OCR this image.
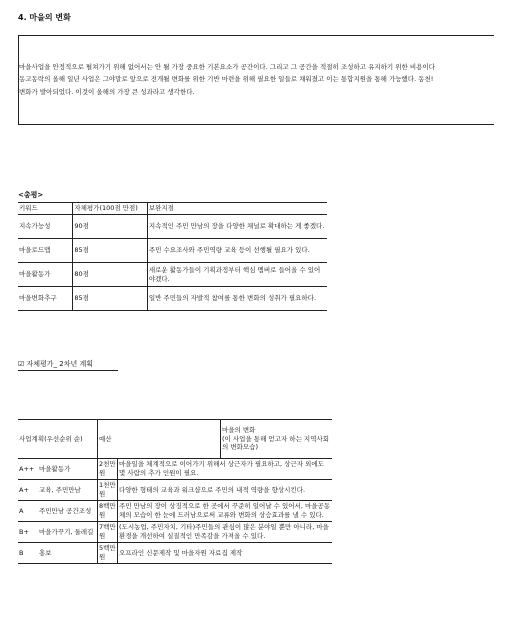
4. 마을의 변화
마을사업을 안정적으로 펼쳐가기 위해 없어서는 안 될 가장 중요한 기본요소가 공간이다. 그리고 그 공간을 적절히 조성하고 유지하기 위한 비용이다
동고동락의 올해 일년 사업은 그야말로 앞으로 전개될 변화를 위한 기반 마련을 위해 필요한 일들로 채워졌고 이는 통합지원을 통해 가능했다. 동천!
변화가 발아되었다. 이것이 올해의 가장 큰 성과라고 생각한다.
<총평>
키워드	자체평가(100점 만점)	보완지점
지속가능성	90점	지속적인 주민 만남의 장을 다양한 채널로 확대하는 게 좋겠다.
마을로드맵	85점	주민 수요조사와 주민역량 교육 등이 선행될 필요가 있다.
마을활동가	80점	새로운 활동가들이 기획과정부터 핵심 멤버로 들어올 수 있어야겠다.
마을변화추구	85점	일반 주민들의 자발적 참여를 통한 변화의 성취가 필요하다.
☑ 자체평가_ 2차년 계획
사업계획(우선순위 순)		예산		마을의 변화
(이 사업을 통해 얻고자 하는 지역사회의 변화모습)
A++	마을활동가	2천만원	마을일을 체계적으로 이어가기 위해서 상근자가 필요하고, 상근자 외에도 몇 사람의 추가 인원이 필요.	
A+	교육, 주민만남	1천만원	다양한 형태의 교육과 워크샵으로 주민의 내적 역량을 향상시킨다.	
A	주민만남 공간조성	8백만원	주민 만남의 장이 상징적으로 한 곳에서 꾸준히 일어날 수 있어서, 마을공동체의 모습이 한 눈에 드러남으로써 교류와 변화의 상승효과를 낼 수 있다.	
B+	마을가꾸기, 둘레길	7백만원	(도시농업, 주민자치, 기타)주민들의 관심이 많은 분야일 뿐만 아니라, 마을 환경을 개선하여 실질적인 만족감을 가져올 수 있다.	
B	홍보	5백만원	오프라인 신문제작 및 마을자원 자료집 제작	
